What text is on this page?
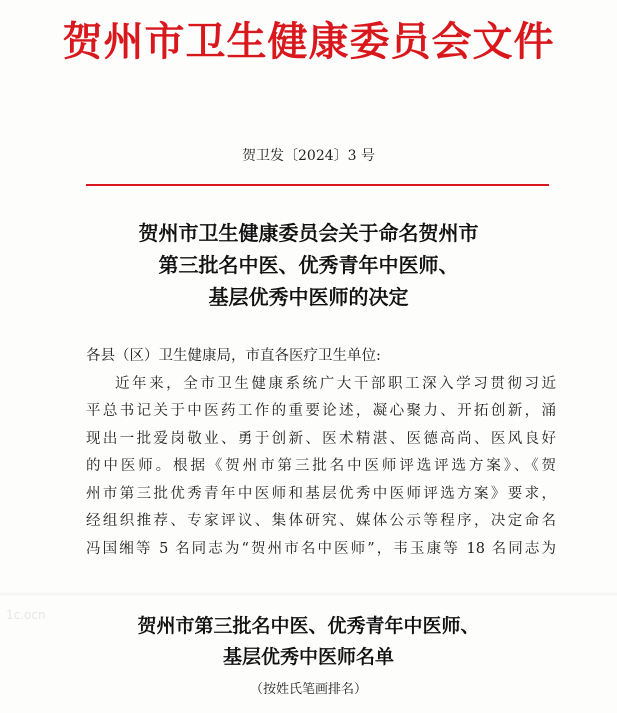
贺州市卫生健康委员会文件
贺卫发〔2024〕3 号
贺州市卫生健康委员会关于命名贺州市
第三批名中医、优秀青年中医师、
基层优秀中医师的决定
各县（区）卫生健康局，市直各医疗卫生单位:
近年来，全市卫生健康系统广大干部职工深入学习贯彻习近
平总书记关于中医药工作的重要论述，凝心聚力、开拓创新，涌
现出一批爱岗敬业、勇于创新、医术精湛、医德高尚、医风良好
的中医师。根据《贺州市第三批名中医师评选评选方案》、《贺
州市第三批优秀青年中医师和基层优秀中医师评选方案》要求，
经组织推荐、专家评议、集体研究、媒体公示等程序，决定命名
冯国缃等 5 名同志为“贺州市名中医师”，韦玉康等 18 名同志为
1c.ocn	贺州市第三批名中医、优秀青年中医师、
基层优秀中医师名单
（按姓氏笔画排名）
